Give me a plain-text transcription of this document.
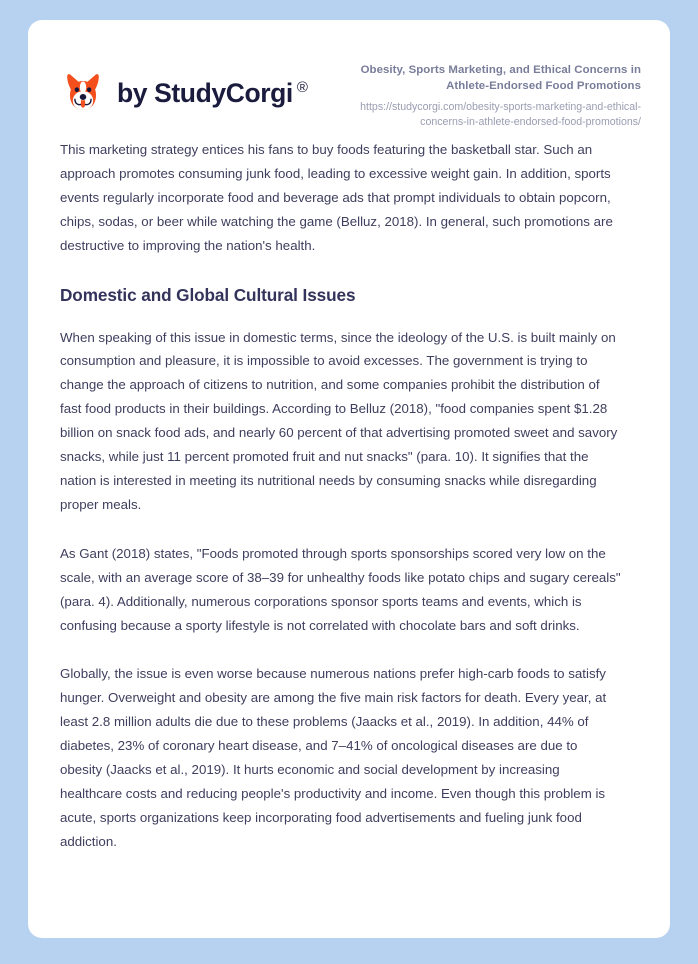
by StudyCorgi ®
Obesity, Sports Marketing, and Ethical Concerns in Athlete-Endorsed Food Promotions
https://studycorgi.com/obesity-sports-marketing-and-ethical-concerns-in-athlete-endorsed-food-promotions/

This marketing strategy entices his fans to buy foods featuring the basketball star. Such an approach promotes consuming junk food, leading to excessive weight gain. In addition, sports events regularly incorporate food and beverage ads that prompt individuals to obtain popcorn, chips, sodas, or beer while watching the game (Belluz, 2018). In general, such promotions are destructive to improving the nation's health.

Domestic and Global Cultural Issues

When speaking of this issue in domestic terms, since the ideology of the U.S. is built mainly on consumption and pleasure, it is impossible to avoid excesses. The government is trying to change the approach of citizens to nutrition, and some companies prohibit the distribution of fast food products in their buildings. According to Belluz (2018), "food companies spent $1.28 billion on snack food ads, and nearly 60 percent of that advertising promoted sweet and savory snacks, while just 11 percent promoted fruit and nut snacks" (para. 10). It signifies that the nation is interested in meeting its nutritional needs by consuming snacks while disregarding proper meals.

As Gant (2018) states, "Foods promoted through sports sponsorships scored very low on the scale, with an average score of 38–39 for unhealthy foods like potato chips and sugary cereals" (para. 4). Additionally, numerous corporations sponsor sports teams and events, which is confusing because a sporty lifestyle is not correlated with chocolate bars and soft drinks.

Globally, the issue is even worse because numerous nations prefer high-carb foods to satisfy hunger. Overweight and obesity are among the five main risk factors for death. Every year, at least 2.8 million adults die due to these problems (Jaacks et al., 2019). In addition, 44% of diabetes, 23% of coronary heart disease, and 7–41% of oncological diseases are due to obesity (Jaacks et al., 2019). It hurts economic and social development by increasing healthcare costs and reducing people's productivity and income. Even though this problem is acute, sports organizations keep incorporating food advertisements and fueling junk food addiction.
